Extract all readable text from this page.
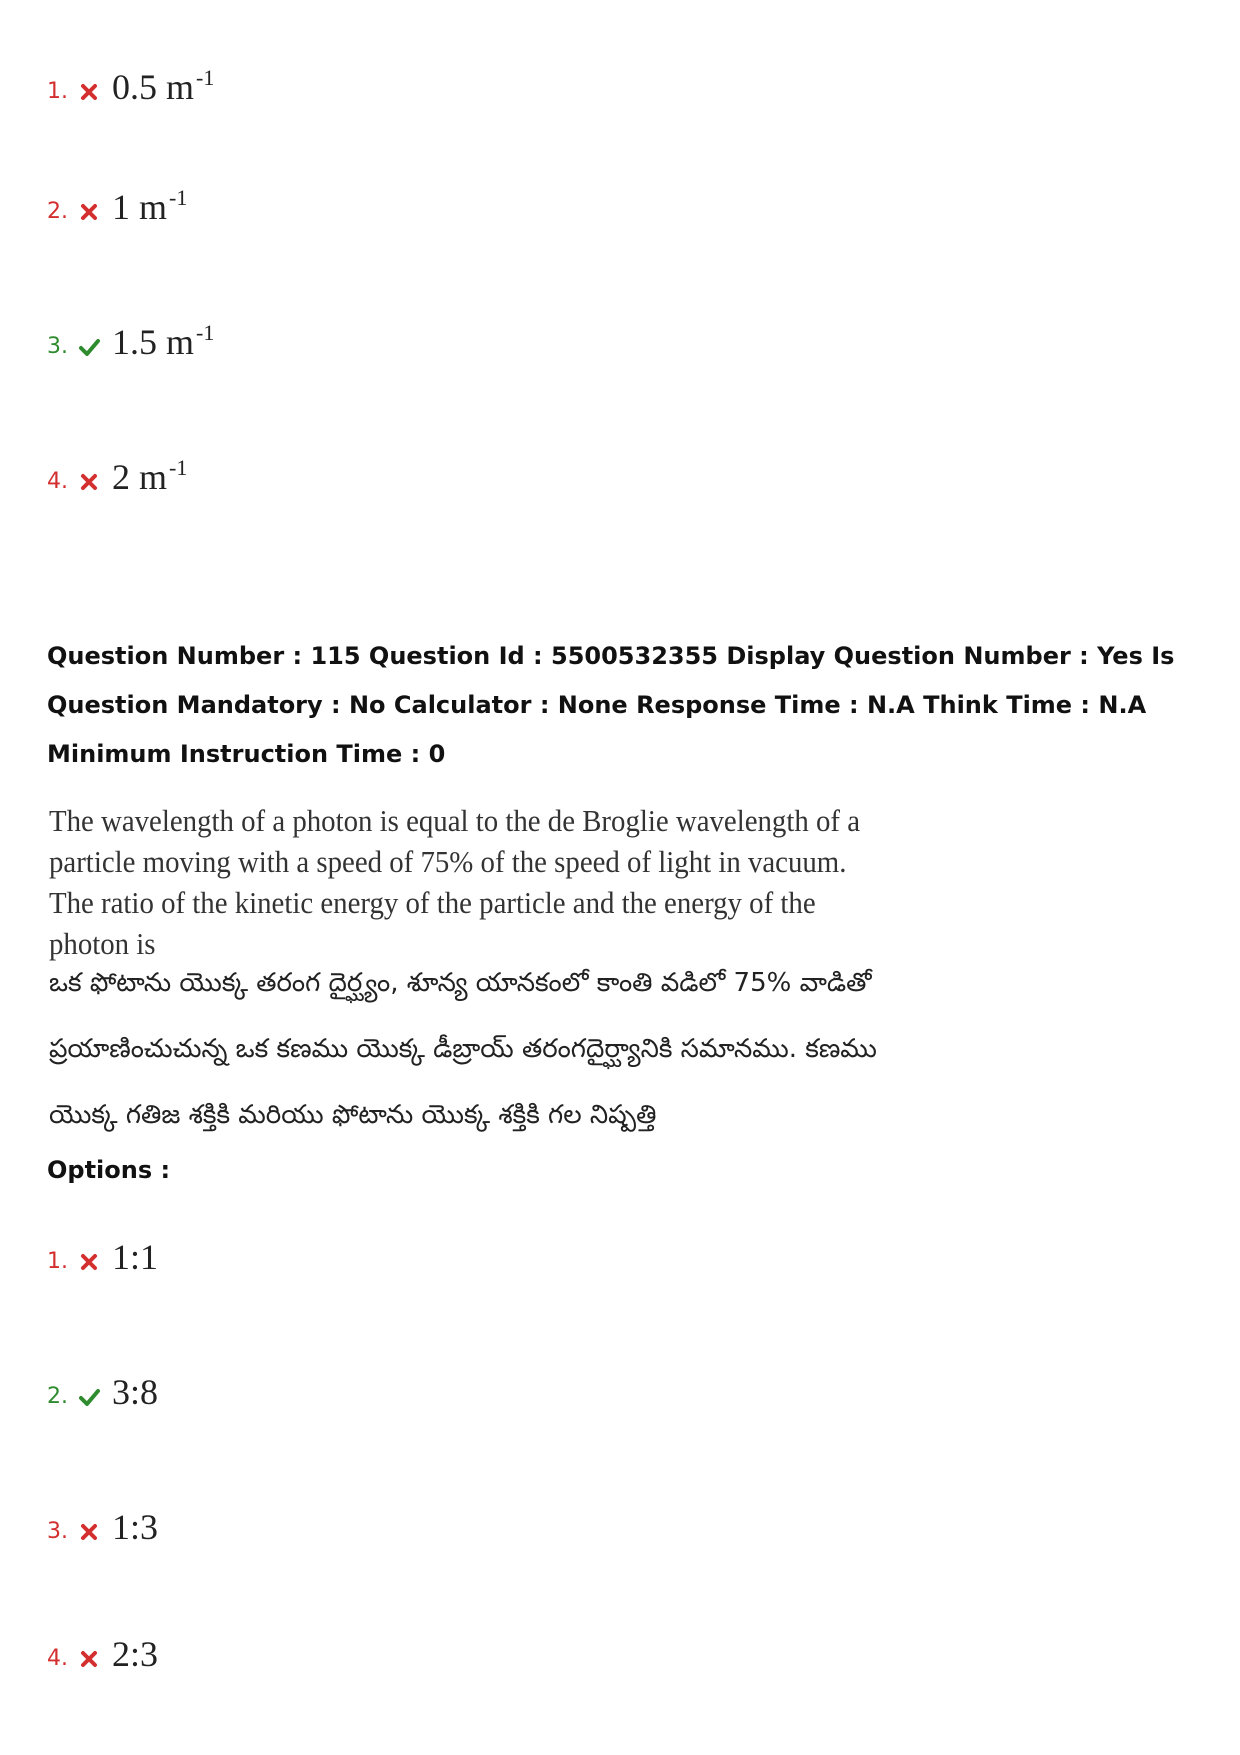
1. 0.5 $m^{-1}$
2. 1 $m^{-1}$
3. 1.5 $m^{-1}$
4. 2 $m^{-1}$
Question Number : 115 Question Id : 5500532355 Display Question Number : Yes Is Question Mandatory : No Calculator : None Response Time : N.A Think Time : N.A Minimum Instruction Time : 0
The wavelength of a photon is equal to the de Broglie wavelength of a particle moving with a speed of 75% of the speed of light in vacuum. The ratio of the kinetic energy of the particle and the energy of the photon is
ఒక ఫోటాను యొక్క తరంగ దైర్ఘ్యం, శూన్య యానకంలో కాంతి వడిలో 75% వాడితో ప్రయాణించుచున్న ఒక కణము యొక్క డీబ్రాయ్ తరంగదైర్ఘ్యానికి సమానము. కణము యొక్క గతిజ శక్తికి మరియు ఫోటాను యొక్క శక్తికి గల నిష్పత్తి
Options :
1. 1:1
2. 3:8
3. 1:3
4. 2:3
